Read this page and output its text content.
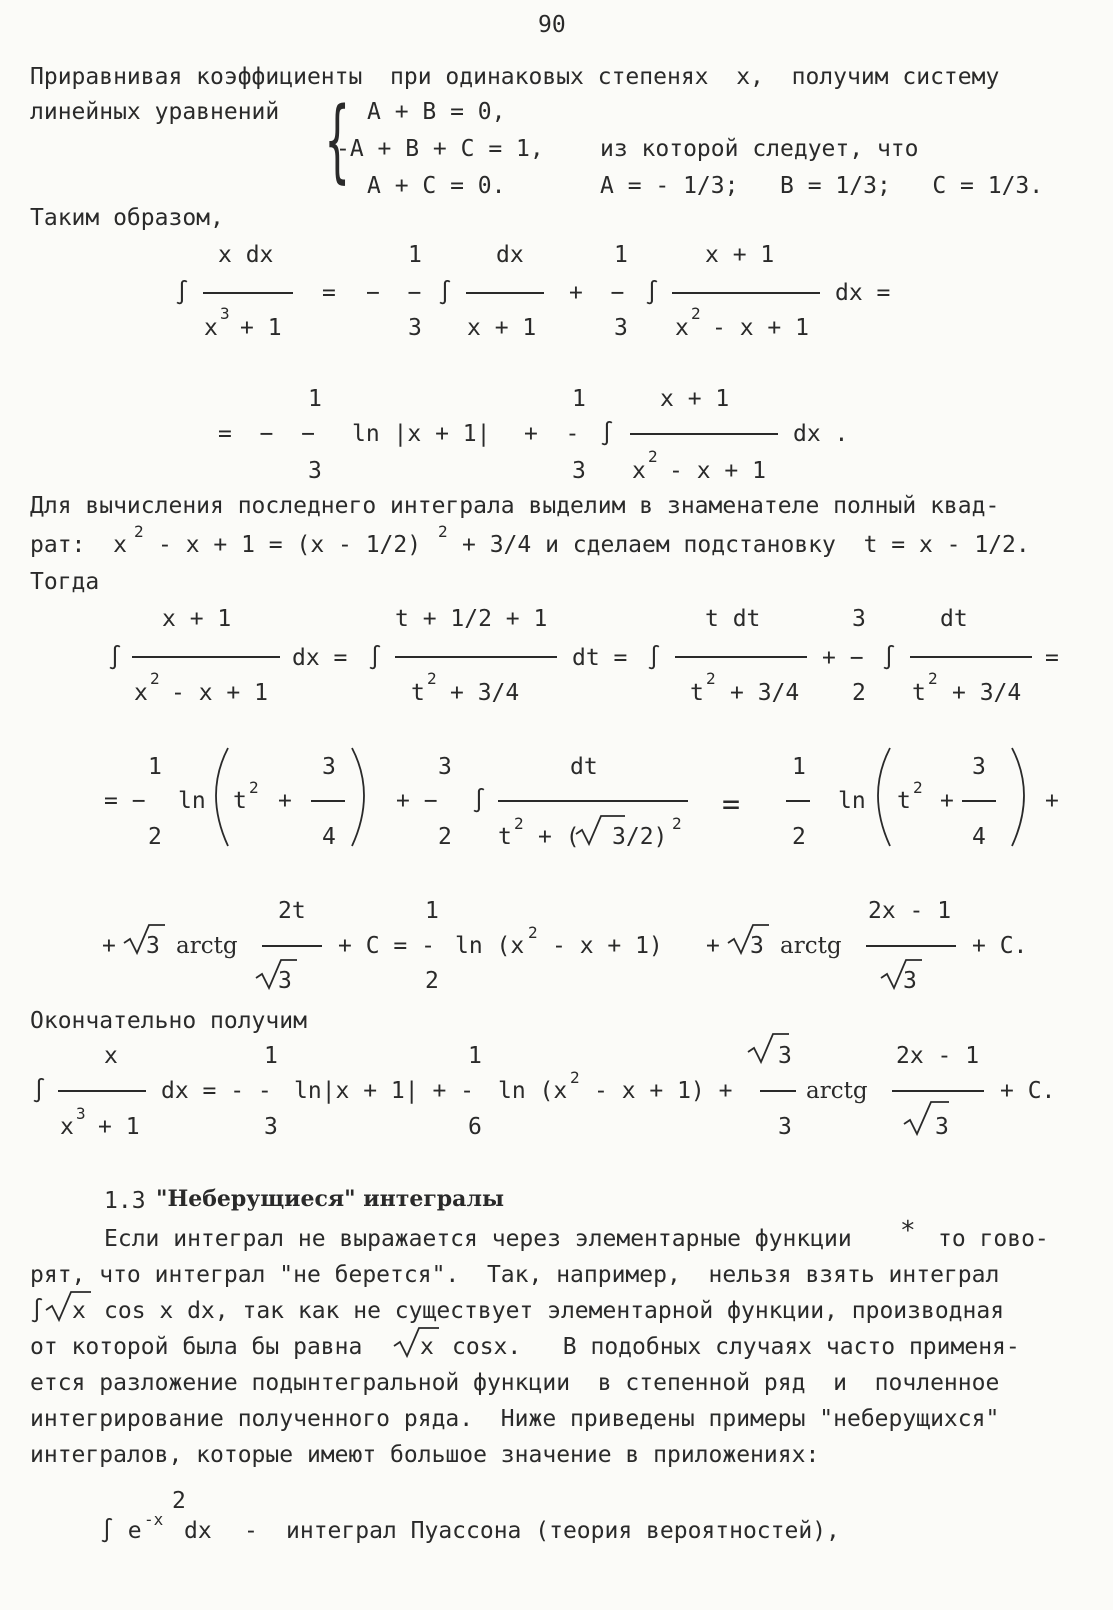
90
Приравнивая коэффициенты  при одинаковых степенях  x,  получим систему
линейных уравнений { A + B = 0,
-A + B + C = 1, из которой следует, что
A + C = 0.	A = - 1/3;   B = 1/3;   C = 1/3.
Таким образом,
∫
x dx
x
3
+ 1
= −  −
1
3
∫
dx
x + 1
+  −
1
3
∫
x + 1
x
2
- x + 1
dx =
=  −  −
1
3
ln |x + 1| +  -
1
3
∫
x + 1
x
2
- x + 1
dx .
Для вычисления последнего интеграла выделим в знаменателе полный квад-
рат:  x
2
- x + 1 = (x - 1/2)
2
+ 3/4 и сделаем подстановку  t = x - 1/2.
Тогда
∫
x + 1
x
2
- x + 1
dx = ∫
t + 1/2 + 1
t
2
+ 3/4
dt = ∫
t dt
t
2
+ 3/4
+ −
3
2
∫
dt
t
2
+ 3/4
=
= −
1
2
ln t
2
+
3
4
+ −
3
2
∫
dt
t
2
+ ( 3/2)
2
=
1
2
ln t
2
+
3
4
+
+ 3 arctg
2t
3
+ C = -
1
2
ln (x
2
- x + 1) + 3 arctg
2x - 1
3
+ C.
Окончательно получим
∫
x
x
3
+ 1
dx = - -
1
3
ln|x + 1| + -
1
6
ln (x
2
- x + 1) +
3
3
arctg
2x - 1
3
+ C.
1.3 "Неберущиеся" интегралы
Если интеграл не выражается через элементарные функции * то гово-
рят, что интеграл "не берется".  Так, например,  нельзя взять интеграл
∫ x cos x dx, так как не существует элементарной функции, производная
от которой была бы равна	x cosx.   В подобных случаях часто применя-
ется разложение подынтегральной функции  в степенной ряд  и  почленное
интегрирование полученного ряда.  Ниже приведены примеры "неберущихся"
интегралов, которые имеют большое значение в приложениях:
∫ e -x
2
dx - интеграл Пуассона (теория вероятностей),
